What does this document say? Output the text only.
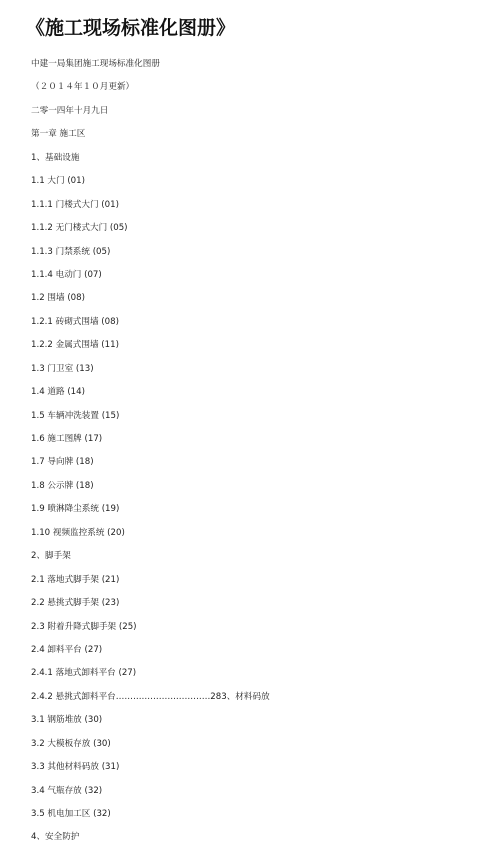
《施工现场标准化图册》
中建一局集团施工现场标准化图册
（２０１４年１０月更新）
二零一四年十月九日
第一章 施工区
1、基础设施
1.1 大门 (01)
1.1.1 门楼式大门 (01)
1.1.2 无门楼式大门 (05)
1.1.3 门禁系统 (05)
1.1.4 电动门 (07)
1.2 围墙 (08)
1.2.1 砖砌式围墙 (08)
1.2.2 金属式围墙 (11)
1.3 门卫室 (13)
1.4 道路 (14)
1.5 车辆冲洗装置 (15)
1.6 施工图牌 (17)
1.7 导向牌 (18)
1.8 公示牌 (18)
1.9 喷淋降尘系统 (19)
1.10 视频监控系统 (20)
2、脚手架
2.1 落地式脚手架 (21)
2.2 悬挑式脚手架 (23)
2.3 附着升降式脚手架 (25)
2.4 卸料平台 (27)
2.4.1 落地式卸料平台 (27)
2.4.2 悬挑式卸料平台……………………………283、材料码放
3.1 钢筋堆放 (30)
3.2 大模板存放 (30)
3.3 其他材料码放 (31)
3.4 气瓶存放 (32)
3.5 机电加工区 (32)
4、安全防护
